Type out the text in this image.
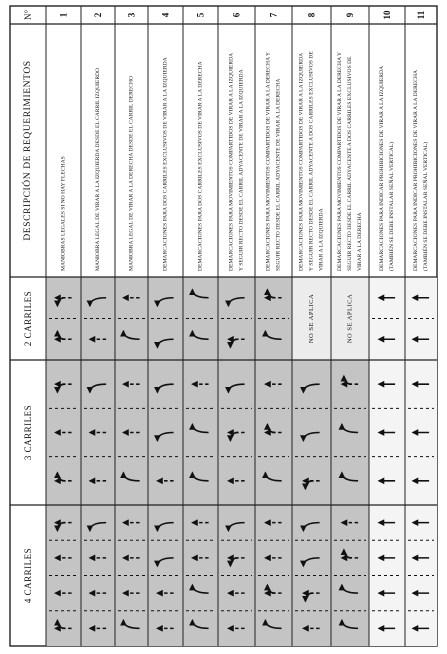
N°
DESCRIPCIÓN DE REQUERIMIENTOS
2 CARRILES
3 CARRILES
4 CARRILES
1
MANIOBRAS LEGALES SI NO HAY FLECHAS
2
MANIOBRA LEGAL DE VIRAR A LA IZQUIERDA DESDE EL CARRIL IZQUIERDO
3
MANIOBRA LEGAL DE VIRAR A LA DERECHA DESDE EL CARRIL DERECHO
4
DEMARCACIONES PARA DOS CARRILES EXCLUSIVOS DE VIRAR A LA IZQUIERDA
5
DEMARCACIONES PARA DOS CARRILES EXCLUSIVOS DE VIRAR A LA DERECHA
6
DEMARCACIONES PARA MOVIMIENTOS COMPARTIDOS DE VIRAR A LA IZQUIERDA Y SEGUIR RECTO DESDE EL CARRIL ADYACENTE DE VIRAR A LA IZQUIERDA
7
DEMARCACIONES PARA MOVIMIENTOS COMPARTIDOS DE VIRAR A LA DERECHA Y SEGUIR RECTO DESDE EL CARRIL ADYACENTE DE VIRAR A LA DERECHA
8
DEMARCACIONES PARA MOVIMIENTOS COMPARTIDOS DE VIRAR A LA IZQUIERDA Y SEGUIR RECTO DESDE EL CARRIL ADYACENTE A DOS CARRILES EXCLUSIVOS DE VIRAR A LA IZQUIERDA
9
DEMARCACIONES PARA MOVIMIENTOS COMPARTIDOS DE VIRAR A LA DERECHA Y SEGUIR RECTO DESDE EL CARRIL ADYACENTE A DOS CARRILES EXCLUSIVOS DE VIRAR A LA DERECHA
10
DEMARCACIONES PARA INDICAR PROHIBICIONES DE VIRAR A LA IZQUIERDA (TAMBIÉN SE DEBE INSTALAR SEÑAL VERTICAL)
11
DEMARCACIONES PARA INDICAR PROHIBICIONES DE VIRAR A LA DERECHA (TAMBIÉN SE DEBE INSTALAR SEÑAL VERTICAL)
NO SE APLICA	NO SE APLICA
